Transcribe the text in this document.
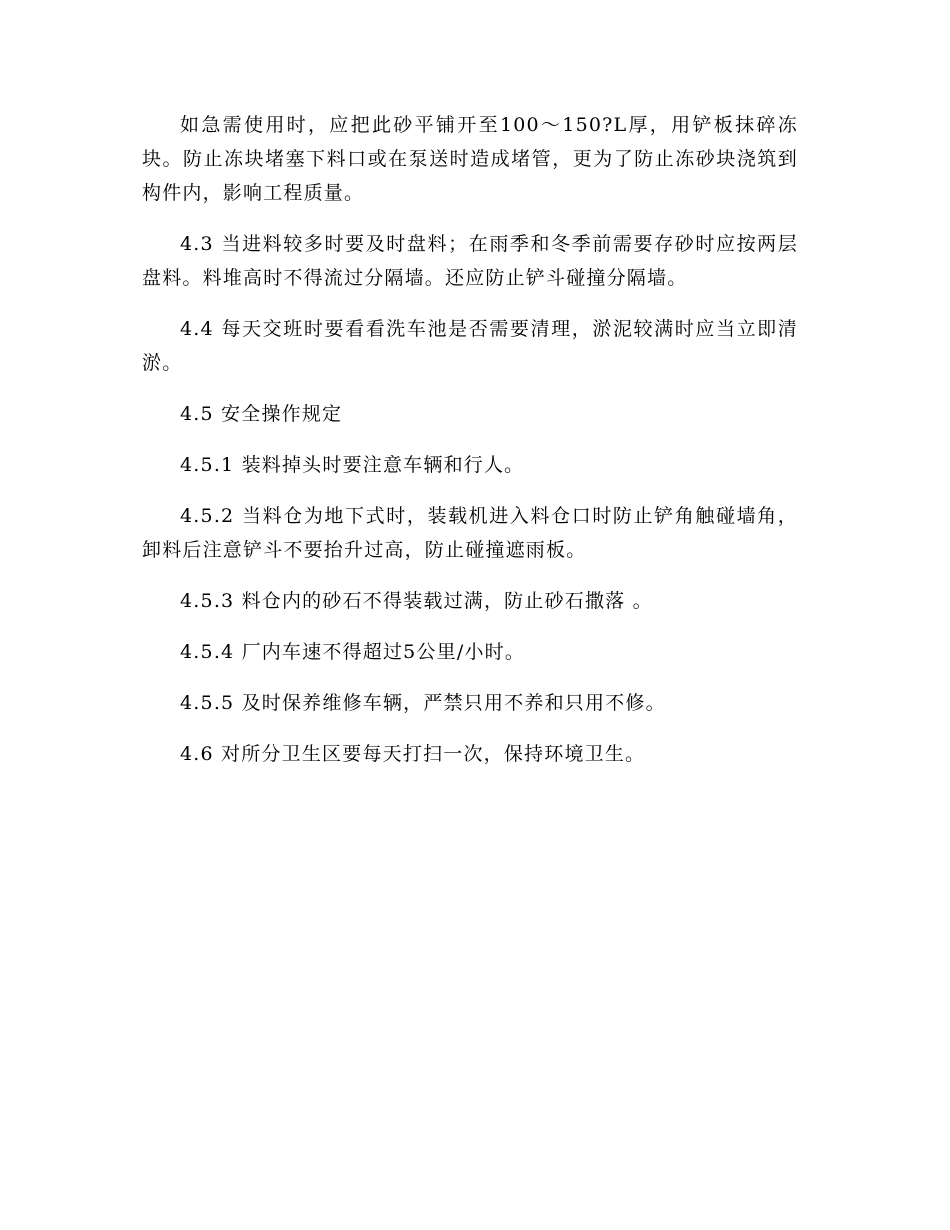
如急需使用时，应把此砂平铺开至100～150?L厚，用铲板抹碎冻块。防止冻块堵塞下料口或在泵送时造成堵管，更为了防止冻砂块浇筑到构件内，影响工程质量。

4.3 当进料较多时要及时盘料；在雨季和冬季前需要存砂时应按两层盘料。料堆高时不得流过分隔墙。还应防止铲斗碰撞分隔墙。

4.4 每天交班时要看看洗车池是否需要清理，淤泥较满时应当立即清淤。

4.5 安全操作规定

4.5.1 装料掉头时要注意车辆和行人。

4.5.2 当料仓为地下式时，装载机进入料仓口时防止铲角触碰墙角，卸料后注意铲斗不要抬升过高，防止碰撞遮雨板。

4.5.3 料仓内的砂石不得装载过满，防止砂石撒落 。

4.5.4 厂内车速不得超过5公里/小时。

4.5.5 及时保养维修车辆，严禁只用不养和只用不修。

4.6 对所分卫生区要每天打扫一次，保持环境卫生。
